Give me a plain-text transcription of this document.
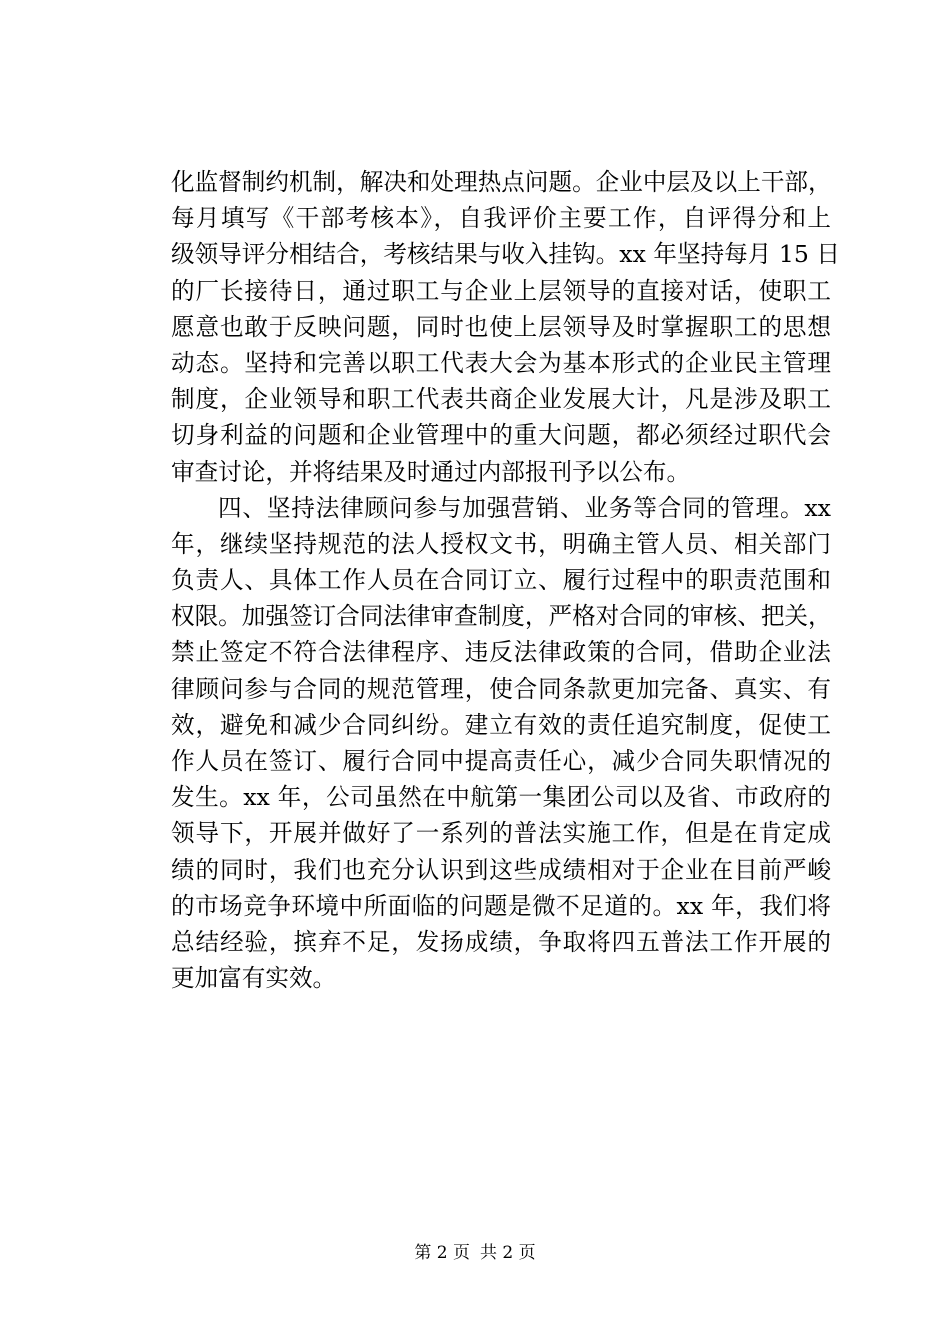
化监督制约机制，解决和处理热点问题。企业中层及以上干部，
每月填写《干部考核本》，自我评价主要工作，自评得分和上
级领导评分相结合，考核结果与收入挂钩。xx 年坚持每月 15 日
的厂长接待日，通过职工与企业上层领导的直接对话，使职工
愿意也敢于反映问题，同时也使上层领导及时掌握职工的思想
动态。坚持和完善以职工代表大会为基本形式的企业民主管理
制度，企业领导和职工代表共商企业发展大计，凡是涉及职工
切身利益的问题和企业管理中的重大问题，都必须经过职代会
审查讨论，并将结果及时通过内部报刊予以公布。
四、坚持法律顾问参与加强营销、业务等合同的管理。xx
年，继续坚持规范的法人授权文书，明确主管人员、相关部门
负责人、具体工作人员在合同订立、履行过程中的职责范围和
权限。加强签订合同法律审查制度，严格对合同的审核、把关，
禁止签定不符合法律程序、违反法律政策的合同，借助企业法
律顾问参与合同的规范管理，使合同条款更加完备、真实、有
效，避免和减少合同纠纷。建立有效的责任追究制度，促使工
作人员在签订、履行合同中提高责任心，减少合同失职情况的
发生。xx 年，公司虽然在中航第一集团公司以及省、市政府的
领导下，开展并做好了一系列的普法实施工作，但是在肯定成
绩的同时，我们也充分认识到这些成绩相对于企业在目前严峻
的市场竞争环境中所面临的问题是微不足道的。xx 年，我们将
总结经验，摈弃不足，发扬成绩，争取将四五普法工作开展的
更加富有实效。
第 2 页 共 2 页
